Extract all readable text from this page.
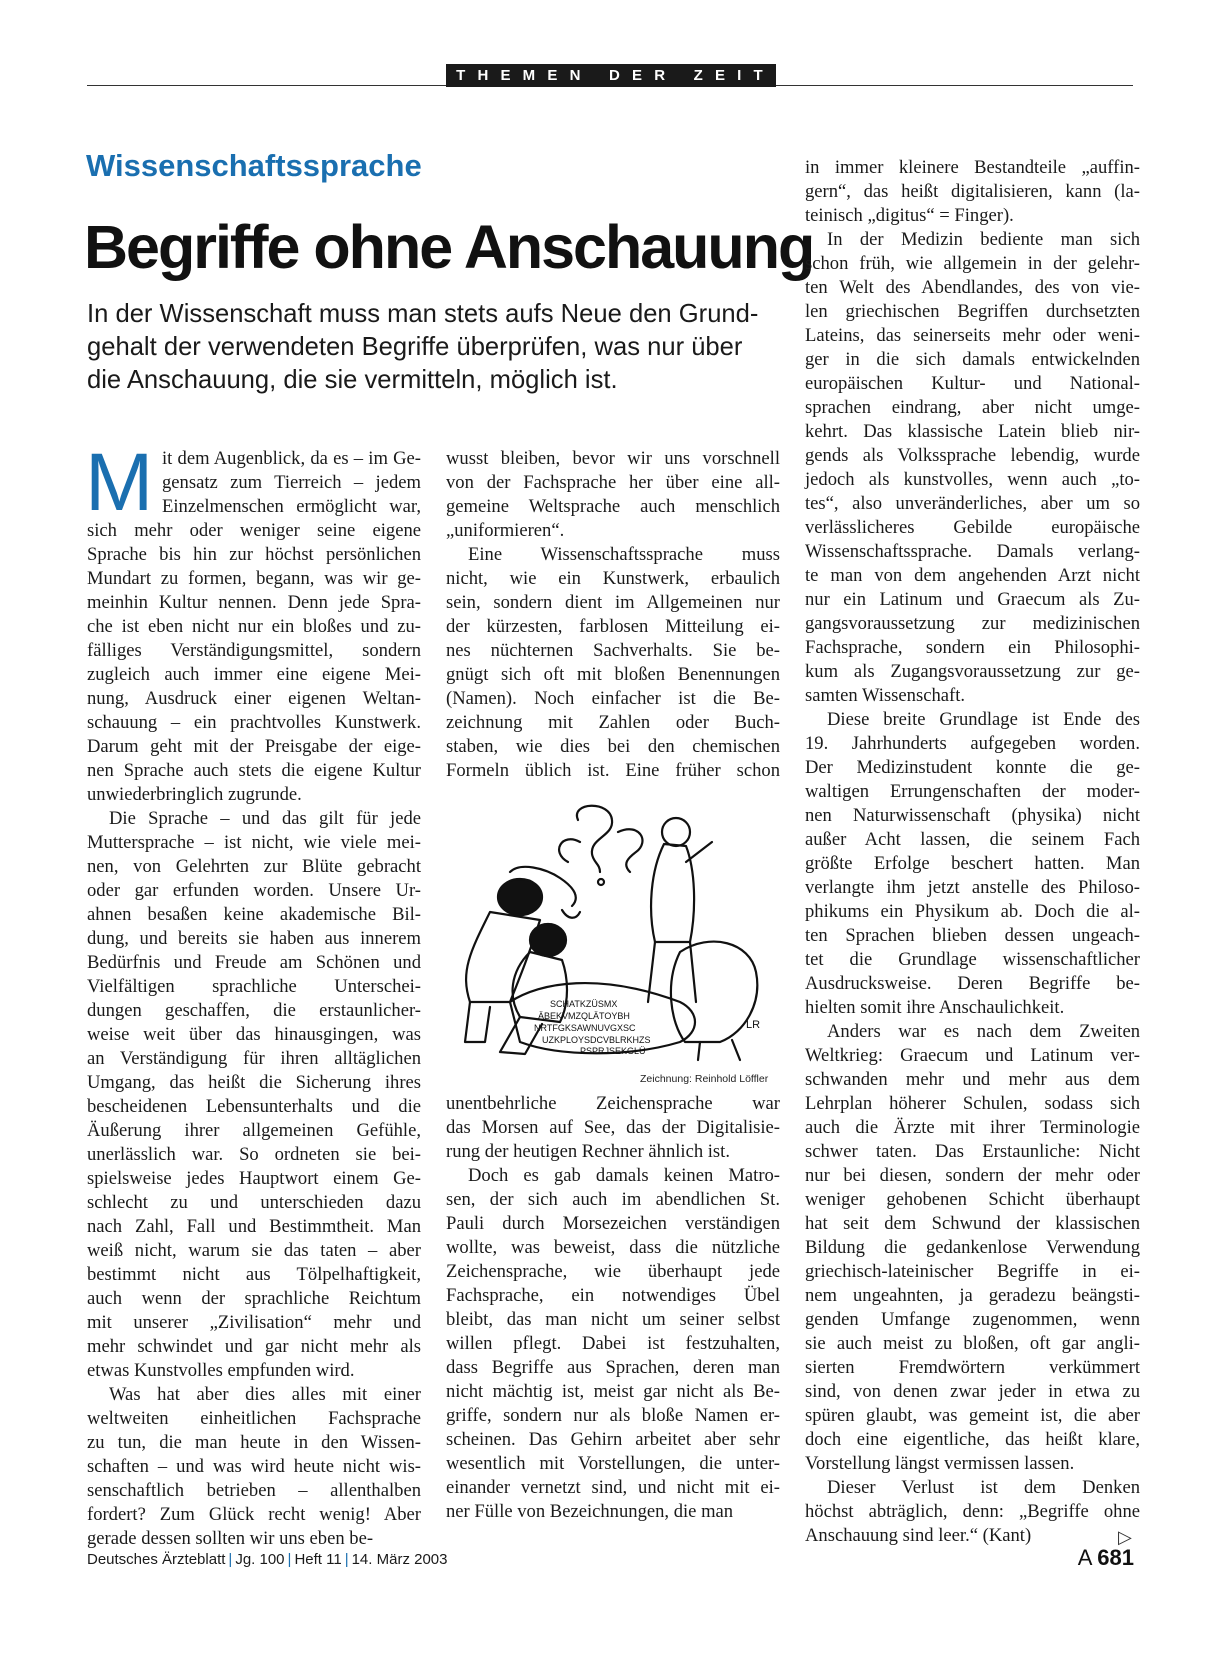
THEMEN DER ZEIT
Wissenschaftssprache
Begriffe ohne Anschauung
In der Wissenschaft muss man stets aufs Neue den Grund-
gehalt der verwendeten Begriffe überprüfen, was nur über
die Anschauung, die sie vermitteln, möglich ist.
M it dem Augenblick, da es – im Ge-
gensatz zum Tierreich – jedem
Einzelmenschen ermöglicht war,
sich mehr oder weniger seine eigene
Sprache bis hin zur höchst persönlichen
Mundart zu formen, begann, was wir ge-
meinhin Kultur nennen. Denn jede Spra-
che ist eben nicht nur ein bloßes und zu-
fälliges Verständigungsmittel, sondern
zugleich auch immer eine eigene Mei-
nung, Ausdruck einer eigenen Weltan-
schauung – ein prachtvolles Kunstwerk.
Darum geht mit der Preisgabe der eige-
nen Sprache auch stets die eigene Kultur
unwiederbringlich zugrunde.
Die Sprache – und das gilt für jede
Muttersprache – ist nicht, wie viele mei-
nen, von Gelehrten zur Blüte gebracht
oder gar erfunden worden. Unsere Ur-
ahnen besaßen keine akademische Bil-
dung, und bereits sie haben aus innerem
Bedürfnis und Freude am Schönen und
Vielfältigen sprachliche Unterschei-
dungen geschaffen, die erstaunlicher-
weise weit über das hinausgingen, was
an Verständigung für ihren alltäglichen
Umgang, das heißt die Sicherung ihres
bescheidenen Lebensunterhalts und die
Äußerung ihrer allgemeinen Gefühle,
unerlässlich war. So ordneten sie bei-
spielsweise jedes Hauptwort einem Ge-
schlecht zu und unterschieden dazu
nach Zahl, Fall und Bestimmtheit. Man
weiß nicht, warum sie das taten – aber
bestimmt nicht aus Tölpelhaftigkeit,
auch wenn der sprachliche Reichtum
mit unserer „Zivilisation“ mehr und
mehr schwindet und gar nicht mehr als
etwas Kunstvolles empfunden wird.
Was hat aber dies alles mit einer
weltweiten einheitlichen Fachsprache
zu tun, die man heute in den Wissen-
schaften – und was wird heute nicht wis-
senschaftlich betrieben – allenthalben
fordert? Zum Glück recht wenig! Aber
gerade dessen sollten wir uns eben be-
wusst bleiben, bevor wir uns vorschnell
von der Fachsprache her über eine all-
gemeine Weltsprache auch menschlich
„uniformieren“.
Eine Wissenschaftssprache muss
nicht, wie ein Kunstwerk, erbaulich
sein, sondern dient im Allgemeinen nur
der kürzesten, farblosen Mitteilung ei-
nes nüchternen Sachverhalts. Sie be-
gnügt sich oft mit bloßen Benennungen
(Namen). Noch einfacher ist die Be-
zeichnung mit Zahlen oder Buch-
staben, wie dies bei den chemischen
Formeln üblich ist. Eine früher schon
SCHATKZÜSMX
ÄBEKVMZQLÄTOYBH
NRTFGKSAWNUVGXSC
UZKPLOYSDCVBLRKHZS
PSPRJSEKGLÜ
LR
Zeichnung: Reinhold Löffler
unentbehrliche Zeichensprache war
das Morsen auf See, das der Digitalisie-
rung der heutigen Rechner ähnlich ist.
Doch es gab damals keinen Matro-
sen, der sich auch im abendlichen St.
Pauli durch Morsezeichen verständigen
wollte, was beweist, dass die nützliche
Zeichensprache, wie überhaupt jede
Fachsprache, ein notwendiges Übel
bleibt, das man nicht um seiner selbst
willen pflegt. Dabei ist festzuhalten,
dass Begriffe aus Sprachen, deren man
nicht mächtig ist, meist gar nicht als Be-
griffe, sondern nur als bloße Namen er-
scheinen. Das Gehirn arbeitet aber sehr
wesentlich mit Vorstellungen, die unter-
einander vernetzt sind, und nicht mit ei-
ner Fülle von Bezeichnungen, die man
in immer kleinere Bestandteile „auffin-
gern“, das heißt digitalisieren, kann (la-
teinisch „digitus“ = Finger).
In der Medizin bediente man sich
schon früh, wie allgemein in der gelehr-
ten Welt des Abendlandes, des von vie-
len griechischen Begriffen durchsetzten
Lateins, das seinerseits mehr oder weni-
ger in die sich damals entwickelnden
europäischen Kultur- und National-
sprachen eindrang, aber nicht umge-
kehrt. Das klassische Latein blieb nir-
gends als Volkssprache lebendig, wurde
jedoch als kunstvolles, wenn auch „to-
tes“, also unveränderliches, aber um so
verlässlicheres Gebilde europäische
Wissenschaftssprache. Damals verlang-
te man von dem angehenden Arzt nicht
nur ein Latinum und Graecum als Zu-
gangsvoraussetzung zur medizinischen
Fachsprache, sondern ein Philosophi-
kum als Zugangsvoraussetzung zur ge-
samten Wissenschaft.
Diese breite Grundlage ist Ende des
19. Jahrhunderts aufgegeben worden.
Der Medizinstudent konnte die ge-
waltigen Errungenschaften der moder-
nen Naturwissenschaft (physika) nicht
außer Acht lassen, die seinem Fach
größte Erfolge beschert hatten. Man
verlangte ihm jetzt anstelle des Philoso-
phikums ein Physikum ab. Doch die al-
ten Sprachen blieben dessen ungeach-
tet die Grundlage wissenschaftlicher
Ausdrucksweise. Deren Begriffe be-
hielten somit ihre Anschaulichkeit.
Anders war es nach dem Zweiten
Weltkrieg: Graecum und Latinum ver-
schwanden mehr und mehr aus dem
Lehrplan höherer Schulen, sodass sich
auch die Ärzte mit ihrer Terminologie
schwer taten. Das Erstaunliche: Nicht
nur bei diesen, sondern der mehr oder
weniger gehobenen Schicht überhaupt
hat seit dem Schwund der klassischen
Bildung die gedankenlose Verwendung
griechisch-lateinischer Begriffe in ei-
nem ungeahnten, ja geradezu beängsti-
genden Umfange zugenommen, wenn
sie auch meist zu bloßen, oft gar angli-
sierten Fremdwörtern verkümmert
sind, von denen zwar jeder in etwa zu
spüren glaubt, was gemeint ist, die aber
doch eine eigentliche, das heißt klare,
Vorstellung längst vermissen lassen.
Dieser Verlust ist dem Denken
höchst abträglich, denn: „Begriffe ohne
Anschauung sind leer.“ (Kant)	▷
Deutsches Ärzteblatt | Jg. 100 | Heft 11 | 14. März 2003	A 681
